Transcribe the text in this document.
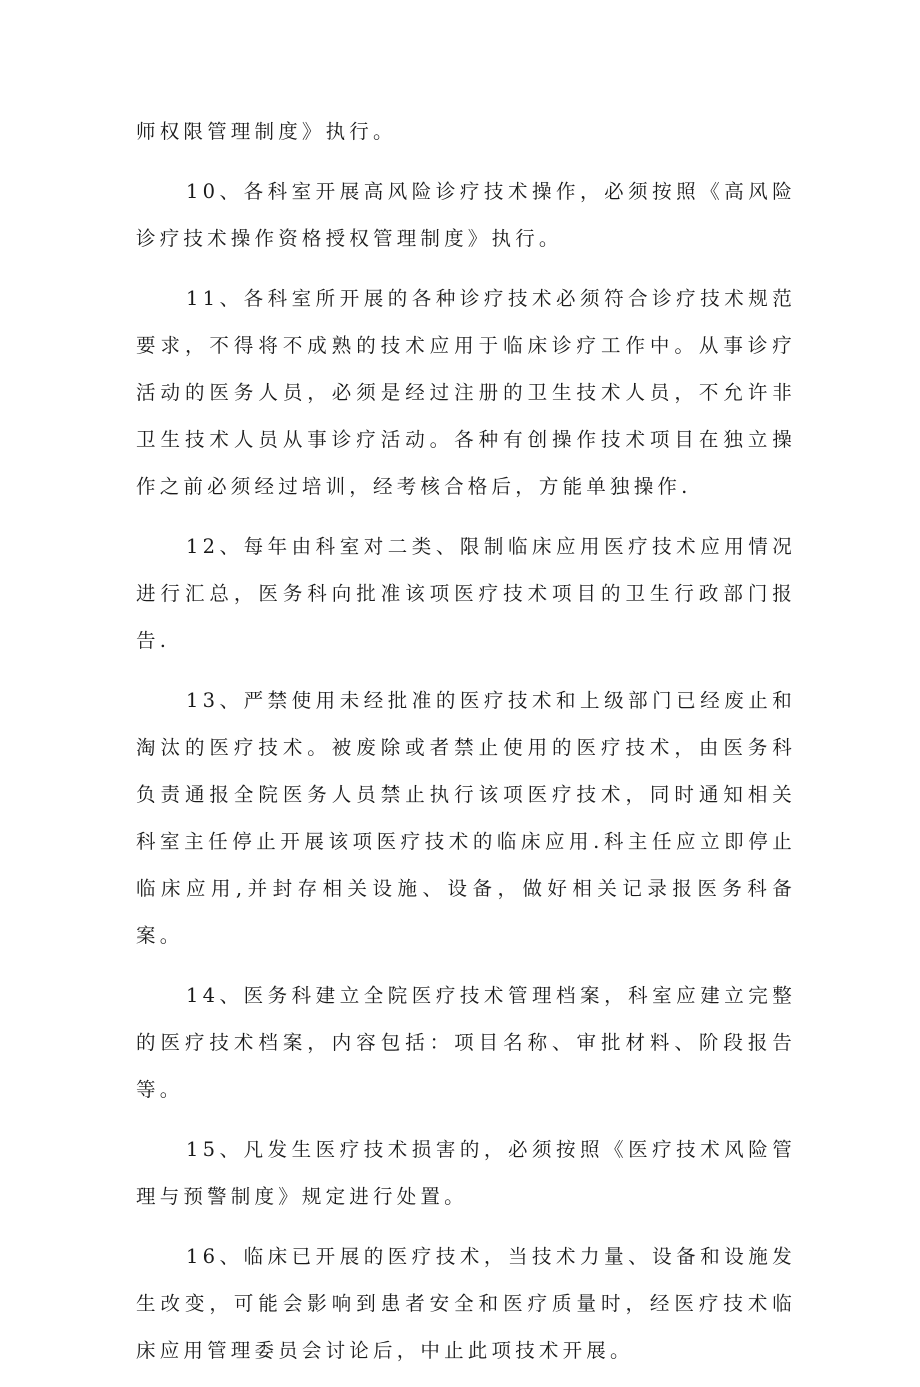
师权限管理制度》执行。

10、各科室开展高风险诊疗技术操作，必须按照《高风险诊疗技术操作资格授权管理制度》执行。

11、各科室所开展的各种诊疗技术必须符合诊疗技术规范要求，不得将不成熟的技术应用于临床诊疗工作中。从事诊疗活动的医务人员，必须是经过注册的卫生技术人员，不允许非卫生技术人员从事诊疗活动。各种有创操作技术项目在独立操作之前必须经过培训，经考核合格后，方能单独操作.

12、每年由科室对二类、限制临床应用医疗技术应用情况进行汇总，医务科向批准该项医疗技术项目的卫生行政部门报告.

13、严禁使用未经批准的医疗技术和上级部门已经废止和淘汰的医疗技术。被废除或者禁止使用的医疗技术，由医务科负责通报全院医务人员禁止执行该项医疗技术，同时通知相关科室主任停止开展该项医疗技术的临床应用.科主任应立即停止临床应用,并封存相关设施、设备，做好相关记录报医务科备案。

14、医务科建立全院医疗技术管理档案，科室应建立完整的医疗技术档案，内容包括：项目名称、审批材料、阶段报告等。

15、凡发生医疗技术损害的，必须按照《医疗技术风险管理与预警制度》规定进行处置。

16、临床已开展的医疗技术，当技术力量、设备和设施发生改变，可能会影响到患者安全和医疗质量时，经医疗技术临床应用管理委员会讨论后，中止此项技术开展。
